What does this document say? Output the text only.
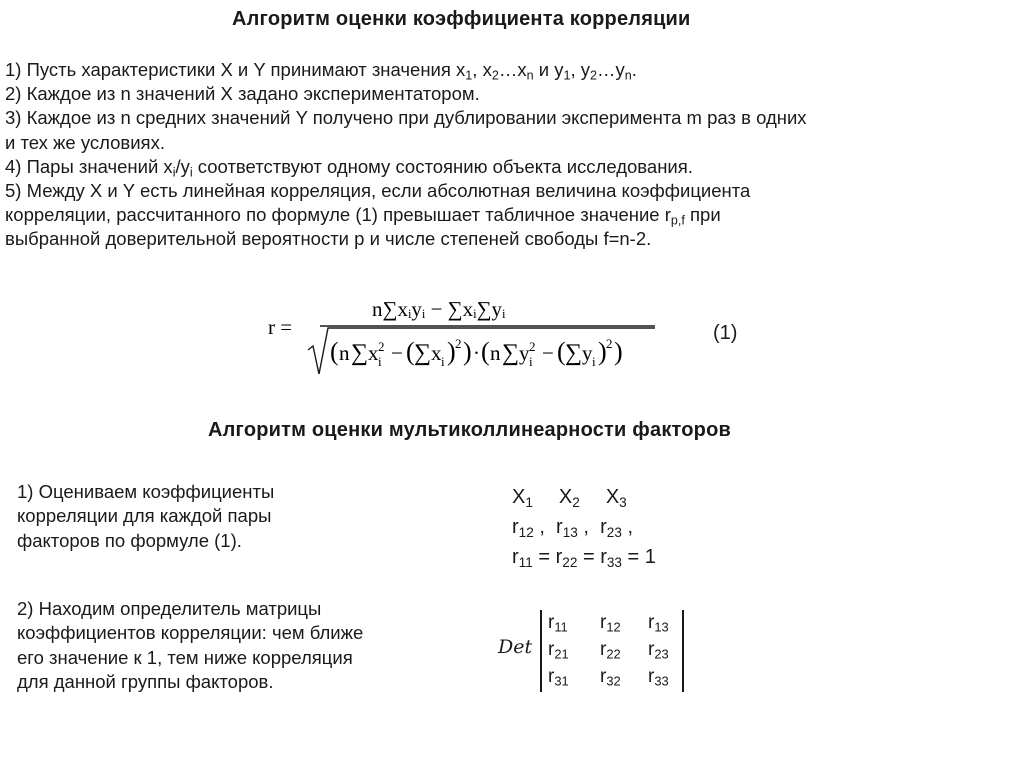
Алгоритм оценки коэффициента корреляции
1) Пусть характеристики X и Y принимают значения $x_1$, $x_2\dots x_n$ и $y_1$, $y_2\dots y_n$.
2) Каждое из n значений X задано экспериментатором.
3) Каждое из n средних значений Y получено при дублировании эксперимента m раз в одних
и тех же условиях.
4) Пары значений $x_i/y_i$ соответствуют одному состоянию объекта исследования.
5) Между X и Y есть линейная корреляция, если абсолютная величина коэффициента
корреляции, рассчитанного по формуле (1) превышает табличное значение $r_{p,f}$ при
выбранной доверительной вероятности p и числе степеней свободы f=n-2.
r =
n∑xᵢyᵢ − ∑xᵢ∑yᵢ
( n ∑ x i
2 − ( ∑ x i ) 2 ) · ( n ∑ y i
2 − ( ∑ y i ) 2 )
(1)
Алгоритм оценки мультиколлинеарности факторов
1) Оцениваем коэффициенты
корреляции для каждой пары
факторов по формуле (1).
$X_1$ $X_2$ $X_3$
$r_{12}$ , $r_{13}$ , $r_{23}$ ,
$r_{11} = r_{22} = r_{33} = 1$
2) Находим определитель матрицы
коэффициентов корреляции: чем ближе
его значение к 1, тем ниже корреляция
для данной группы факторов.
Det
$r_{11}$ $r_{12}$ $r_{13}$
$r_{21}$ $r_{22}$ $r_{23}$
$r_{31}$ $r_{32}$ $r_{33}$
